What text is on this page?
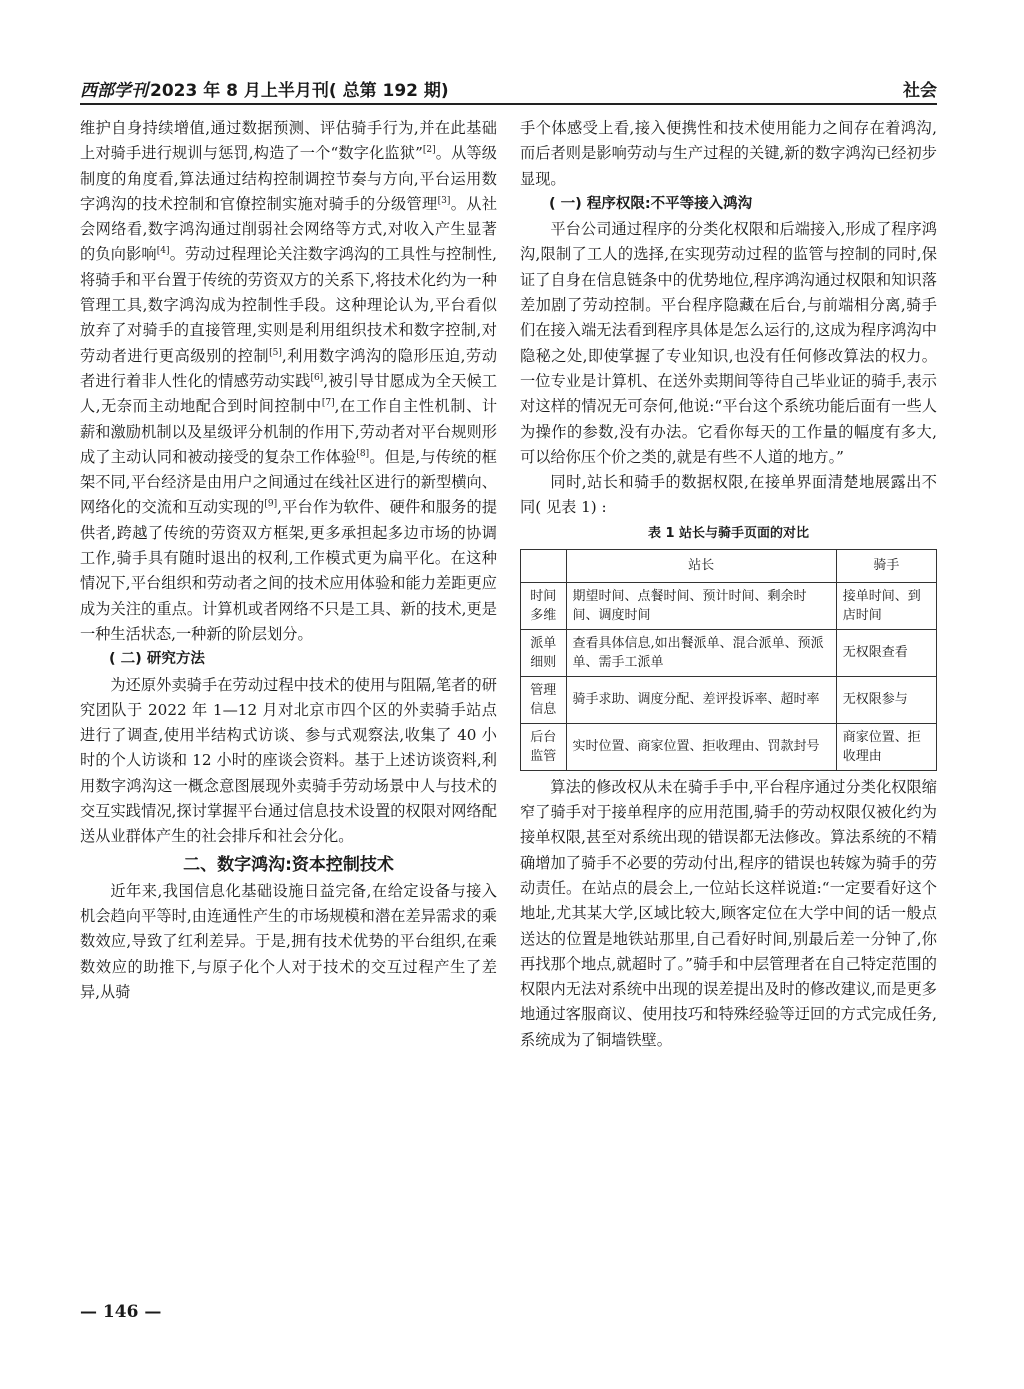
西部学刊 2023 年 8 月上半月刊( 总第 192 期)	社会

维护自身持续增值,通过数据预测、评估骑手行为,并在此基础上对骑手进行规训与惩罚,构造了一个“数字化监狱”[2]。从等级制度的角度看,算法通过结构控制调控节奏与方向,平台运用数字鸿沟的技术控制和官僚控制实施对骑手的分级管理[3]。从社会网络看,数字鸿沟通过削弱社会网络等方式,对收入产生显著的负向影响[4]。劳动过程理论关注数字鸿沟的工具性与控制性,将骑手和平台置于传统的劳资双方的关系下,将技术化约为一种管理工具,数字鸿沟成为控制性手段。这种理论认为,平台看似放弃了对骑手的直接管理,实则是利用组织技术和数字控制,对劳动者进行更高级别的控制[5],利用数字鸿沟的隐形压迫,劳动者进行着非人性化的情感劳动实践[6],被引导甘愿成为全天候工人,无奈而主动地配合到时间控制中[7],在工作自主性机制、计薪和激励机制以及星级评分机制的作用下,劳动者对平台规则形成了主动认同和被动接受的复杂工作体验[8]。但是,与传统的框架不同,平台经济是由用户之间通过在线社区进行的新型横向、网络化的交流和互动实现的[9],平台作为软件、硬件和服务的提供者,跨越了传统的劳资双方框架,更多承担起多边市场的协调工作,骑手具有随时退出的权利,工作模式更为扁平化。在这种情况下,平台组织和劳动者之间的技术应用体验和能力差距更应成为关注的重点。计算机或者网络不只是工具、新的技术,更是一种生活状态,一种新的阶层划分。

( 二) 研究方法

为还原外卖骑手在劳动过程中技术的使用与阻隔,笔者的研究团队于 2022 年 1—12 月对北京市四个区的外卖骑手站点进行了调查,使用半结构式访谈、参与式观察法,收集了 40 小时的个人访谈和 12 小时的座谈会资料。基于上述访谈资料,利用数字鸿沟这一概念意图展现外卖骑手劳动场景中人与技术的交互实践情况,探讨掌握平台通过信息技术设置的权限对网络配送从业群体产生的社会排斥和社会分化。

二、数字鸿沟:资本控制技术

近年来,我国信息化基础设施日益完备,在给定设备与接入机会趋向平等时,由连通性产生的市场规模和潜在差异需求的乘数效应,导致了红利差异。于是,拥有技术优势的平台组织,在乘数效应的助推下,与原子化个人对于技术的交互过程产生了差异,从骑

手个体感受上看,接入便携性和技术使用能力之间存在着鸿沟,而后者则是影响劳动与生产过程的关键,新的数字鸿沟已经初步显现。

( 一) 程序权限:不平等接入鸿沟

平台公司通过程序的分类化权限和后端接入,形成了程序鸿沟,限制了工人的选择,在实现劳动过程的监管与控制的同时,保证了自身在信息链条中的优势地位,程序鸿沟通过权限和知识落差加剧了劳动控制。平台程序隐藏在后台,与前端相分离,骑手们在接入端无法看到程序具体是怎么运行的,这成为程序鸿沟中隐秘之处,即使掌握了专业知识,也没有任何修改算法的权力。一位专业是计算机、在送外卖期间等待自己毕业证的骑手,表示对这样的情况无可奈何,他说:“平台这个系统功能后面有一些人为操作的参数,没有办法。它看你每天的工作量的幅度有多大,可以给你压个价之类的,就是有些不人道的地方。”

同时,站长和骑手的数据权限,在接单界面清楚地展露出不同( 见表 1) :

表 1 站长与骑手页面的对比
	站长	骑手
时间多维	期望时间、点餐时间、预计时间、剩余时间、调度时间	接单时间、到店时间
派单细则	查看具体信息,如出餐派单、混合派单、预派单、需手工派单	无权限查看
管理信息	骑手求助、调度分配、差评投诉率、超时率	无权限参与
后台监管	实时位置、商家位置、拒收理由、罚款封号	商家位置、拒收理由

算法的修改权从未在骑手手中,平台程序通过分类化权限缩窄了骑手对于接单程序的应用范围,骑手的劳动权限仅被化约为接单权限,甚至对系统出现的错误都无法修改。算法系统的不精确增加了骑手不必要的劳动付出,程序的错误也转嫁为骑手的劳动责任。在站点的晨会上,一位站长这样说道:“一定要看好这个地址,尤其某大学,区域比较大,顾客定位在大学中间的话一般点送达的位置是地铁站那里,自己看好时间,别最后差一分钟了,你再找那个地点,就超时了。”骑手和中层管理者在自己特定范围的权限内无法对系统中出现的误差提出及时的修改建议,而是更多地通过客服商议、使用技巧和特殊经验等迂回的方式完成任务,系统成为了铜墙铁壁。

— 146 —
